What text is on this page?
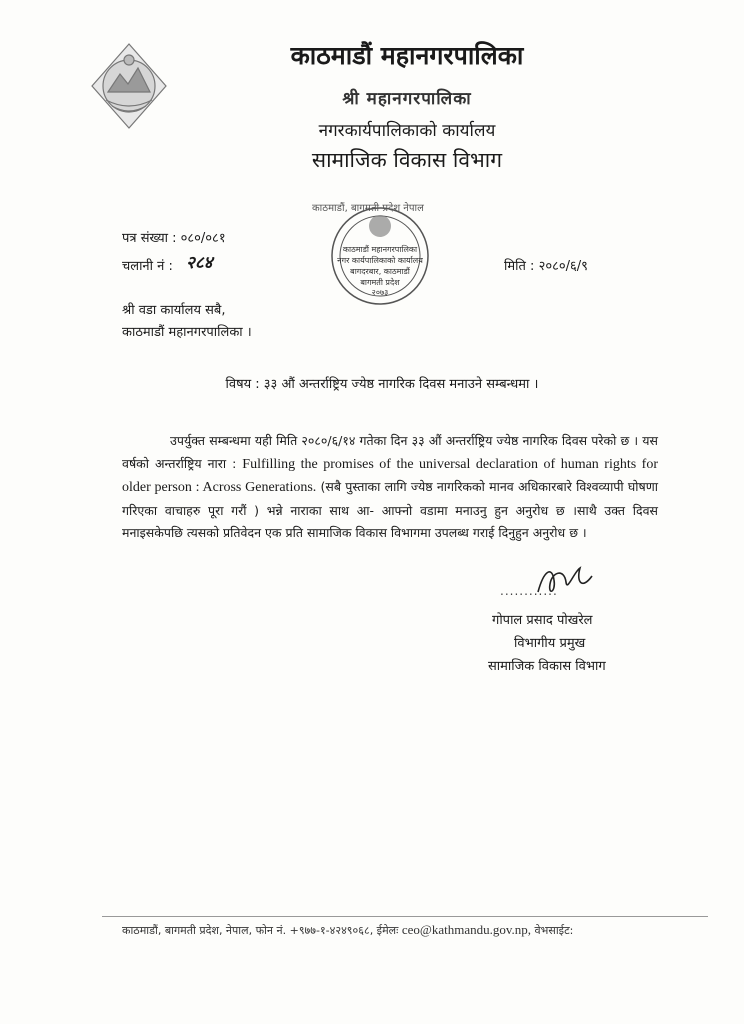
काठमाडौं महानगरपालिका
श्री महानगरपालिका
नगरकार्यपालिकाको कार्यालय
सामाजिक विकास विभाग
काठमाडौं, बागमती प्रदेश नेपाल
काठमाडौं महानगरपालिका
नगर कार्यपालिकाको कार्यालय
बागदरबार, काठमाडौं
बागमती प्रदेश
२०७३
पत्र संख्या : ०८०/०८१
चलानी नं : २८४	मिति : २०८०/६/९
श्री वडा कार्यालय सबै,
काठमाडौं महानगरपालिका ।
विषय : ३३ औं अन्तर्राष्ट्रिय ज्येष्ठ नागरिक दिवस मनाउने सम्बन्धमा ।
उपर्युक्त सम्बन्धमा यही मिति २०८०/६/१४ गतेका दिन ३३ औं अन्तर्राष्ट्रिय ज्येष्ठ नागरिक दिवस परेको छ । यस वर्षको अन्तर्राष्ट्रिय नारा : Fulfilling the promises of the universal declaration of human rights for older person : Across Generations. (सबै पुस्ताका लागि ज्येष्ठ नागरिकको मानव अधिकारबारे विश्वव्यापी घोषणा गरिएका वाचाहरु पूरा गरौं ) भन्ने नाराका साथ आ- आफ्नो वडामा मनाउनु हुन अनुरोध छ ।साथै उक्त दिवस मनाइसकेपछि त्यसको प्रतिवेदन एक प्रति सामाजिक विकास विभागमा उपलब्ध गराई दिनुहुन अनुरोध छ ।
............
गोपाल प्रसाद पोखरेल
विभागीय प्रमुख
सामाजिक विकास विभाग
काठमाडौं, बागमती प्रदेश, नेपाल, फोन नं. +९७७-१-४२४९०६८, ईमेलः ceo@kathmandu.gov.np, वेभसाईट:
